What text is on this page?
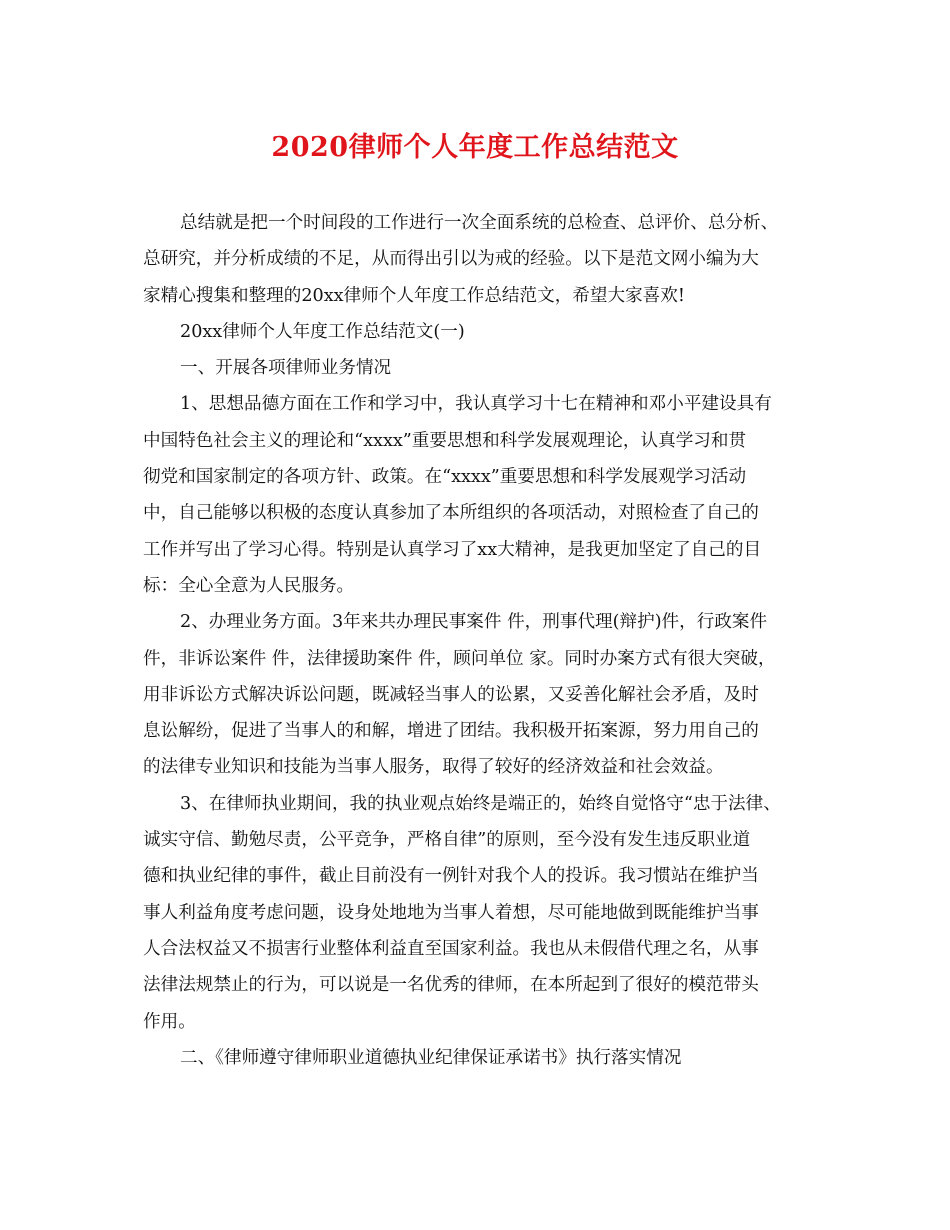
2020律师个人年度工作总结范文
总结就是把一个时间段的工作进行一次全面系统的总检查、总评价、总分析、
总研究，并分析成绩的不足，从而得出引以为戒的经验。以下是范文网小编为大
家精心搜集和整理的20xx律师个人年度工作总结范文，希望大家喜欢!
20xx律师个人年度工作总结范文(一)
一、开展各项律师业务情况
1、思想品德方面在工作和学习中，我认真学习十七在精神和邓小平建设具有
中国特色社会主义的理论和“xxxx”重要思想和科学发展观理论，认真学习和贯
彻党和国家制定的各项方针、政策。在“xxxx”重要思想和科学发展观学习活动
中，自己能够以积极的态度认真参加了本所组织的各项活动，对照检查了自己的
工作并写出了学习心得。特别是认真学习了xx大精神，是我更加坚定了自己的目
标：全心全意为人民服务。
2、办理业务方面。3年来共办理民事案件 件，刑事代理(辩护)件，行政案件
件，非诉讼案件 件，法律援助案件 件，顾问单位 家。同时办案方式有很大突破，
用非诉讼方式解决诉讼问题，既减轻当事人的讼累，又妥善化解社会矛盾，及时
息讼解纷，促进了当事人的和解，增进了团结。我积极开拓案源，努力用自己的
的法律专业知识和技能为当事人服务，取得了较好的经济效益和社会效益。
3、在律师执业期间，我的执业观点始终是端正的，始终自觉恪守“忠于法律、
诚实守信、勤勉尽责，公平竞争，严格自律”的原则，至今没有发生违反职业道
德和执业纪律的事件，截止目前没有一例针对我个人的投诉。我习惯站在维护当
事人利益角度考虑问题，设身处地地为当事人着想，尽可能地做到既能维护当事
人合法权益又不损害行业整体利益直至国家利益。我也从未假借代理之名，从事
法律法规禁止的行为，可以说是一名优秀的律师，在本所起到了很好的模范带头
作用。
二、《律师遵守律师职业道德执业纪律保证承诺书》执行落实情况
